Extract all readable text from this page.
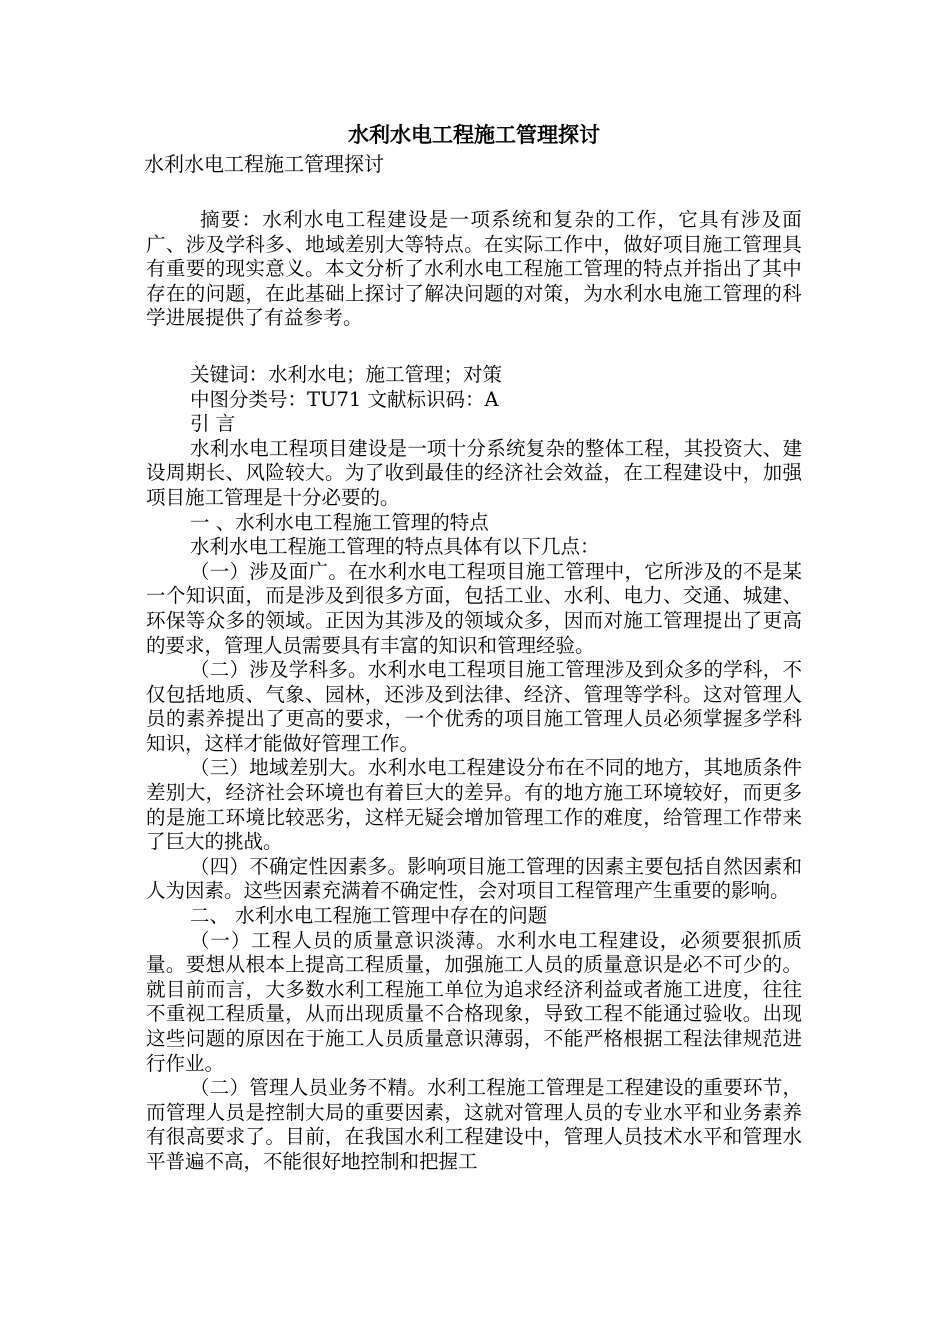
水利水电工程施工管理探讨
水利水电工程施工管理探讨

摘要：水利水电工程建设是一项系统和复杂的工作，它具有涉及面广、涉及学科多、地域差别大等特点。在实际工作中，做好项目施工管理具有重要的现实意义。本文分析了水利水电工程施工管理的特点并指出了其中存在的问题，在此基础上探讨了解决问题的对策，为水利水电施工管理的科学进展提供了有益参考。

关键词：水利水电；施工管理；对策
中图分类号：TU71 文献标识码：A
引 言

水利水电工程项目建设是一项十分系统复杂的整体工程，其投资大、建设周期长、风险较大。为了收到最佳的经济社会效益，在工程建设中，加强项目施工管理是十分必要的。

一 、水利水电工程施工管理的特点
水利水电工程施工管理的特点具体有以下几点：

（一）涉及面广。在水利水电工程项目施工管理中，它所涉及的不是某一个知识面，而是涉及到很多方面，包括工业、水利、电力、交通、城建、环保等众多的领域。正因为其涉及的领域众多，因而对施工管理提出了更高的要求，管理人员需要具有丰富的知识和管理经验。

（二）涉及学科多。水利水电工程项目施工管理涉及到众多的学科，不仅包括地质、气象、园林，还涉及到法律、经济、管理等学科。这对管理人员的素养提出了更高的要求，一个优秀的项目施工管理人员必须掌握多学科知识，这样才能做好管理工作。

（三）地域差别大。水利水电工程建设分布在不同的地方，其地质条件差别大，经济社会环境也有着巨大的差异。有的地方施工环境较好，而更多的是施工环境比较恶劣，这样无疑会增加管理工作的难度，给管理工作带来了巨大的挑战。

（四）不确定性因素多。影响项目施工管理的因素主要包括自然因素和人为因素。这些因素充满着不确定性，会对项目工程管理产生重要的影响。

二、 水利水电工程施工管理中存在的问题

（一）工程人员的质量意识淡薄。水利水电工程建设，必须要狠抓质量。要想从根本上提高工程质量，加强施工人员的质量意识是必不可少的。就目前而言，大多数水利工程施工单位为追求经济利益或者施工进度，往往不重视工程质量，从而出现质量不合格现象，导致工程不能通过验收。出现这些问题的原因在于施工人员质量意识薄弱，不能严格根据工程法律规范进行作业。

（二）管理人员业务不精。水利工程施工管理是工程建设的重要环节，而管理人员是控制大局的重要因素，这就对管理人员的专业水平和业务素养有很高要求了。目前，在我国水利工程建设中，管理人员技术水平和管理水平普遍不高，不能很好地控制和把握工
